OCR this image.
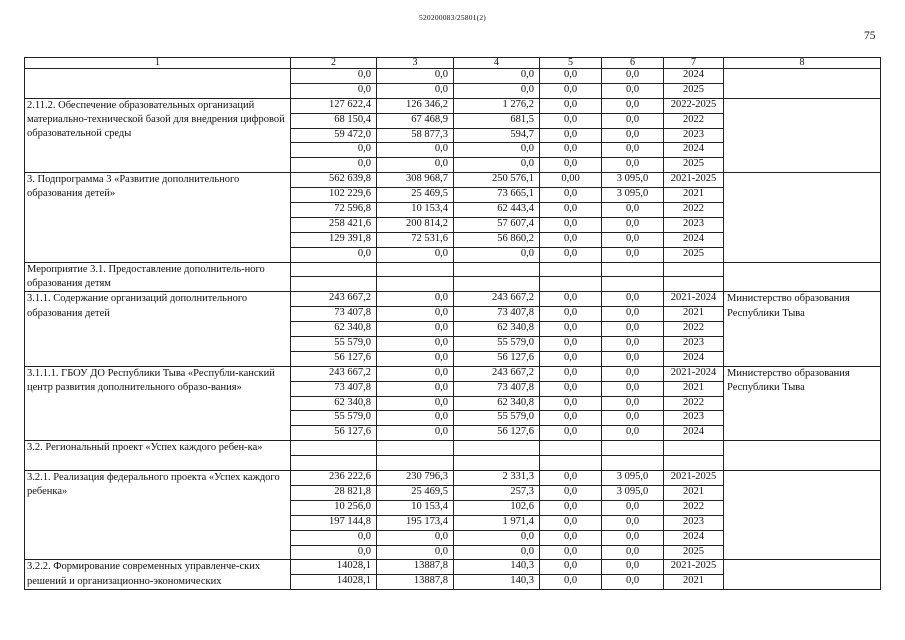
520200083/25801(2)
75
1	2	3	4	5	6	7	8
	0,0	0,0	0,0	0,0	0,0	2024	
	0,0	0,0	0,0	0,0	0,0	2025	
2.11.2. Обеспечение образовательных организаций материально-технической базой для внедрения цифровой образовательной среды	127 622,4	126 346,2	1 276,2	0,0	0,0	2022-2025	
	68 150,4	67 468,9	681,5	0,0	0,0	2022	
	59 472,0	58 877,3	594,7	0,0	0,0	2023	
	0,0	0,0	0,0	0,0	0,0	2024	
	0,0	0,0	0,0	0,0	0,0	2025	
3. Подпрограмма 3 «Развитие дополнительного образования детей»	562 639,8	308 968,7	250 576,1	0,00	3 095,0	2021-2025	
	102 229,6	25 469,5	73 665,1	0,0	3 095,0	2021	
	72 596,8	10 153,4	62 443,4	0,0	0,0	2022	
	258 421,6	200 814,2	57 607,4	0,0	0,0	2023	
	129 391,8	72 531,6	56 860,2	0,0	0,0	2024	
	0,0	0,0	0,0	0,0	0,0	2025	
Мероприятие 3.1. Предоставление дополнитель-ного образования детям							

3.1.1. Содержание организаций дополнительного образования детей	243 667,2	0,0	243 667,2	0,0	0,0	2021-2024	Министерство образования Республики Тыва
	73 407,8	0,0	73 407,8	0,0	0,0	2021	
	62 340,8	0,0	62 340,8	0,0	0,0	2022	
	55 579,0	0,0	55 579,0	0,0	0,0	2023	
	56 127,6	0,0	56 127,6	0,0	0,0	2024	
3.1.1.1. ГБОУ ДО Республики Тыва «Республи-канский центр развития дополнительного образо-вания»	243 667,2	0,0	243 667,2	0,0	0,0	2021-2024	Министерство образования Республики Тыва
	73 407,8	0,0	73 407,8	0,0	0,0	2021	
	62 340,8	0,0	62 340,8	0,0	0,0	2022	
	55 579,0	0,0	55 579,0	0,0	0,0	2023	
	56 127,6	0,0	56 127,6	0,0	0,0	2024	
3.2. Региональный проект «Успех каждого ребен-ка»							

3.2.1. Реализация федерального проекта «Успех каждого ребенка»	236 222,6	230 796,3	2 331,3	0,0	3 095,0	2021-2025	
	28 821,8	25 469,5	257,3	0,0	3 095,0	2021	
	10 256,0	10 153,4	102,6	0,0	0,0	2022	
	197 144,8	195 173,4	1 971,4	0,0	0,0	2023	
	0,0	0,0	0,0	0,0	0,0	2024	
	0,0	0,0	0,0	0,0	0,0	2025	
3.2.2. Формирование современных управленче-ских решений и организационно-экономических	14028,1	13887,8	140,3	0,0	0,0	2021-2025	
	14028,1	13887,8	140,3	0,0	0,0	2021	
